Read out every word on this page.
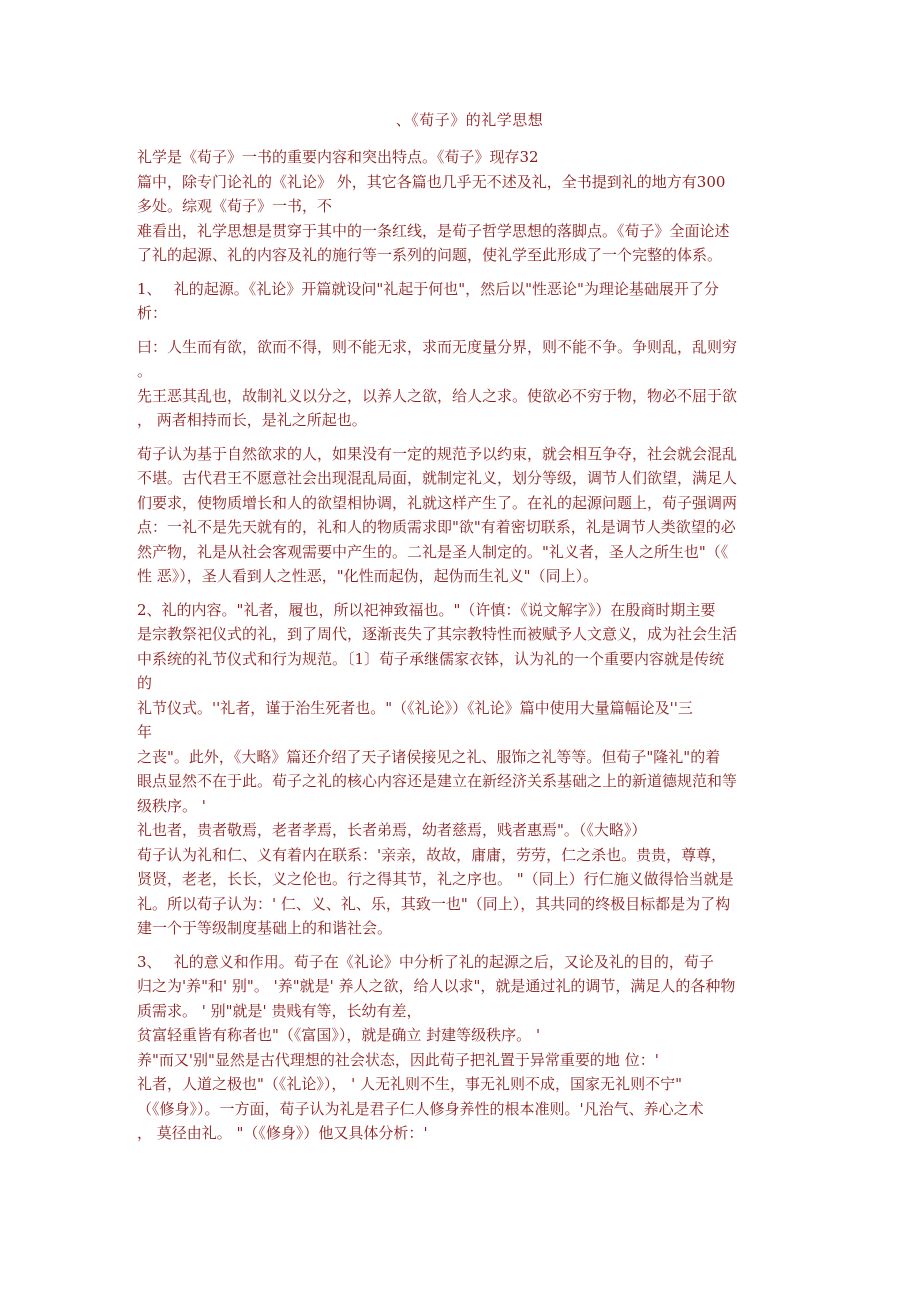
、《荀子》的礼学思想
礼学是《荀子》一书的重要内容和突出特点。《荀子》现存32
篇中，除专门论礼的《礼论》 外，其它各篇也几乎无不述及礼，全书提到礼的地方有300
多处。综观《荀子》一书，不
难看出，礼学思想是贯穿于其中的一条红线，是荀子哲学思想的落脚点。《荀子》全面论述
了礼的起源、礼的内容及礼的施行等一系列的问题，使礼学至此形成了一个完整的体系。
1、　 礼的起源。《礼论》开篇就设问"礼起于何也"，然后以"性恶论"为理论基础展开了分
析：
曰：人生而有欲，欲而不得，则不能无求，求而无度量分界，则不能不争。争则乱，乱则穷
。
先王恶其乱也，故制礼义以分之，以养人之欲，给人之求。使欲必不穷于物，物必不屈于欲
， 两者相持而长，是礼之所起也。
荀子认为基于自然欲求的人，如果没有一定的规范予以约束，就会相互争夺，社会就会混乱
不堪。古代君王不愿意社会出现混乱局面，就制定礼义，划分等级，调节人们欲望，满足人
们要求，使物质增长和人的欲望相协调，礼就这样产生了。在礼的起源问题上，荀子强调两
点：一礼不是先天就有的，礼和人的物质需求即"欲"有着密切联系，礼是调节人类欲望的必
然产物，礼是从社会客观需要中产生的。二礼是圣人制定的。"礼义者，圣人之所生也"（《
性 恶》），圣人看到人之性恶，"化性而起伪，起伪而生礼义"（同上）。
2、礼的内容。"礼者，履也，所以祀神致福也。"（许慎：《说文解字》）在殷商时期主要
是宗教祭祀仪式的礼，到了周代，逐渐丧失了其宗教特性而被赋予人文意义，成为社会生活
中系统的礼节仪式和行为规范。〔1〕荀子承继儒家衣钵，认为礼的一个重要内容就是传统
的
礼节仪式。''礼者，谨于治生死者也。"（《礼论》）《礼论》篇中使用大量篇幅论及''三
年
之丧"。此外，《大略》篇还介绍了天子诸侯接见之礼、服饰之礼等等。但荀子"隆礼"的着
眼点显然不在于此。荀子之礼的核心内容还是建立在新经济关系基础之上的新道德规范和等
级秩序。 '
礼也者，贵者敬焉，老者孝焉，长者弟焉，幼者慈焉，贱者惠焉"。（《大略》）
荀子认为礼和仁、义有着内在联系：'亲亲，故故，庸庸，劳劳，仁之杀也。贵贵，尊尊，
贤贤，老老，长长，义之伦也。行之得其节，礼之序也。 "（同上）行仁施义做得恰当就是
礼。所以荀子认为：' 仁、义、礼、乐，其致一也"（同上），其共同的终极目标都是为了构
建一个于等级制度基础上的和谐社会。
3、　 礼的意义和作用。荀子在《礼论》中分析了礼的起源之后，又论及礼的目的，荀子
归之为'养"和' 别"。 '养"就是' 养人之欲，给人以求"，就是通过礼的调节，满足人的各种物
质需求。 ' 别"就是' 贵贱有等，长幼有差，
贫富轻重皆有称者也"（《富国》），就是确立 封建等级秩序。 '
养"而又'别"显然是古代理想的社会状态，因此荀子把礼置于异常重要的地 位：'
礼者，人道之极也"（《礼论》）， ' 人无礼则不生，事无礼则不成，国家无礼则不宁"
（《修身》）。一方面，荀子认为礼是君子仁人修身养性的根本准则。'凡治气、养心之术
， 莫径由礼。 "（《修身》）他又具体分析：'
